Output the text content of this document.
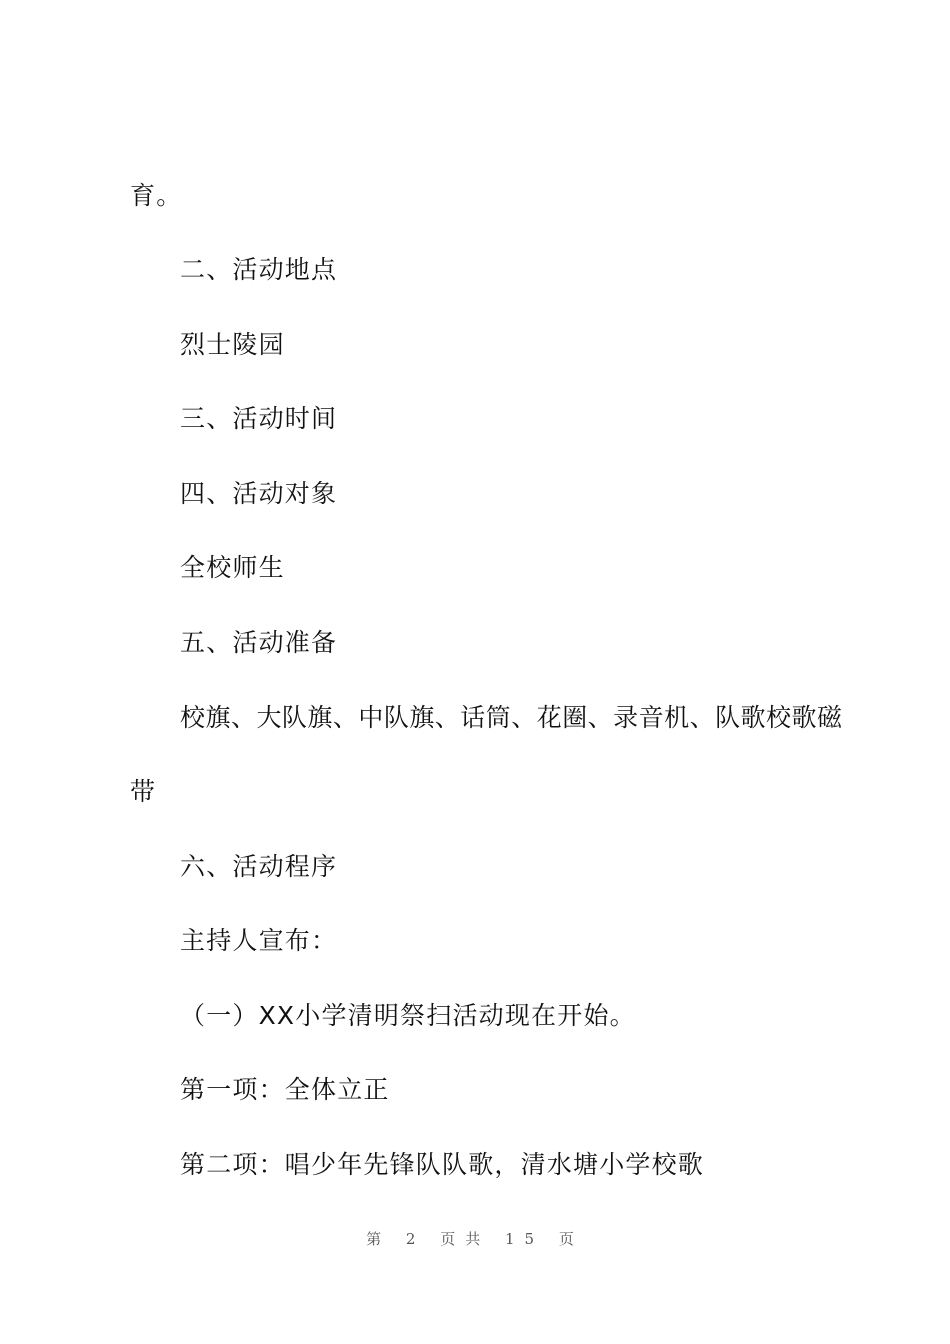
育。
二、活动地点
烈士陵园
三、活动时间
四、活动对象
全校师生
五、活动准备
校旗、大队旗、中队旗、话筒、花圈、录音机、队歌校歌磁
带
六、活动程序
主持人宣布：
（一）XX小学清明祭扫活动现在开始。
第一项：全体立正
第二项：唱少年先锋队队歌，清水塘小学校歌
第 2 页共 15 页
